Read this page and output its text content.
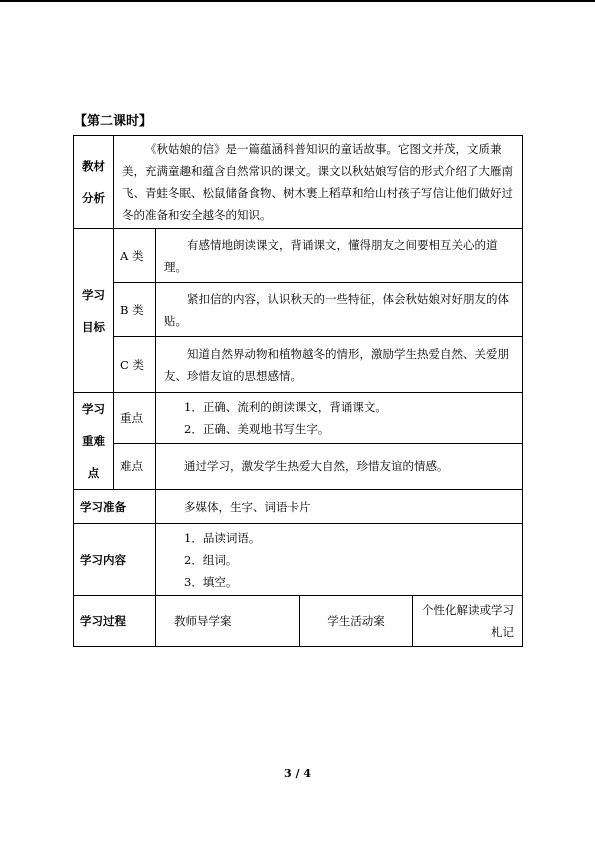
【第二课时】
教材分析	《秋姑娘的信》是一篇蕴涵科普知识的童话故事。它图文并茂，文质兼美，充满童趣和蕴含自然常识的课文。课文以秋姑娘写信的形式介绍了大雁南飞、青蛙冬眠、松鼠储备食物、树木裹上稻草和给山村孩子写信让他们做好过冬的准备和安全越冬的知识。			

学习目标	A 类	有感情地朗读课文，背诵课文，懂得朋友之间要相互关心的道理。		
	B 类	紧扣信的内容，认识秋天的一些特征，体会秋姑娘对好朋友的体贴。		
	C 类	知道自然界动物和植物越冬的情形，激励学生热爱自然、关爱朋友、珍惜友谊的思想感情。		

学习重难点	重点	1．正确、流利的朗读课文，背诵课文。
2．正确、美观地书写生字。		

	难点	通过学习，激发学生热爱大自然，珍惜友谊的情感。		
学习准备		多媒体，生字、词语卡片		
学习内容		1．品读词语。
2．组词。
3．填空。		

学习过程		教师导学案	学生活动案	个性化解读或学习札记
3 / 4
